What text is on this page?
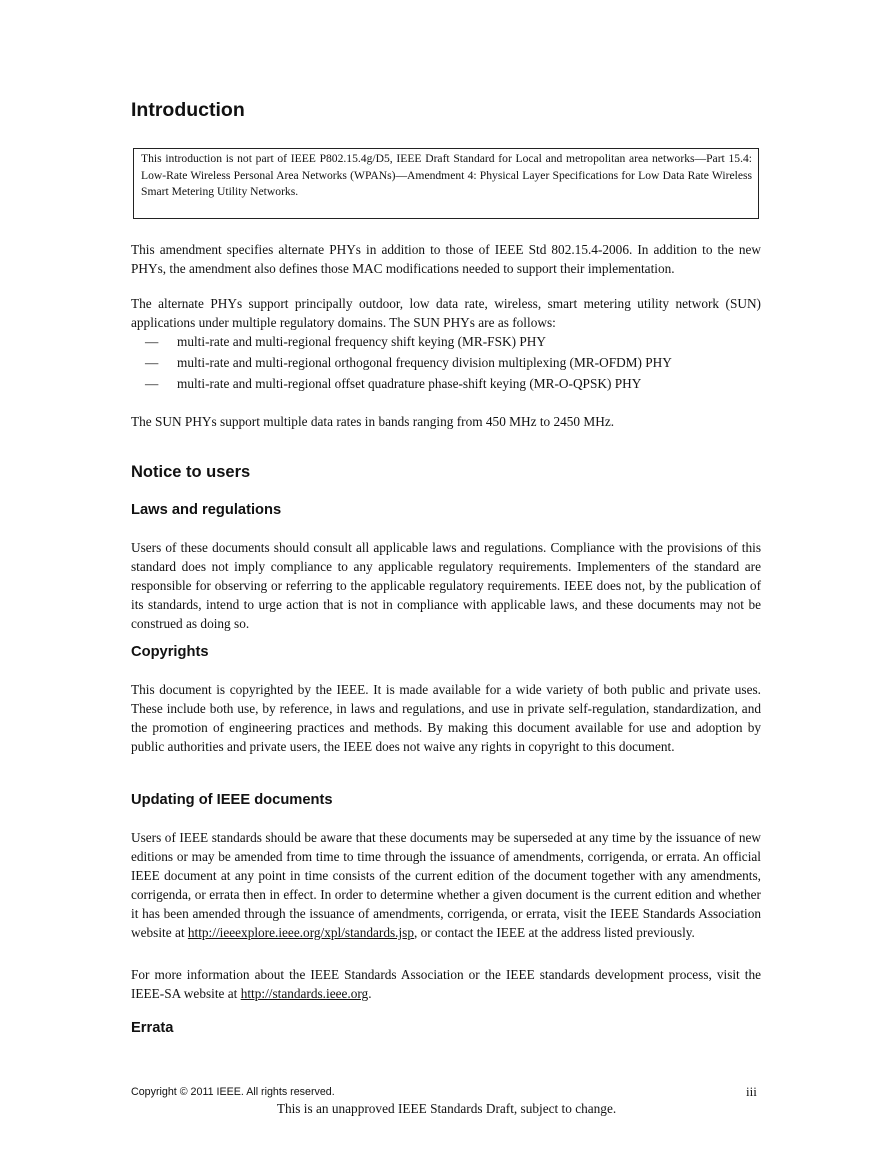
Introduction
This introduction is not part of IEEE P802.15.4g/D5, IEEE Draft Standard for Local and metropolitan area networks—Part 15.4: Low-Rate Wireless Personal Area Networks (WPANs)—Amendment 4: Physical Layer Specifications for Low Data Rate Wireless Smart Metering Utility Networks.

This amendment specifies alternate PHYs in addition to those of IEEE Std 802.15.4-2006. In addition to the new PHYs, the amendment also defines those MAC modifications needed to support their implementation.

The alternate PHYs support principally outdoor, low data rate, wireless, smart metering utility network (SUN) applications under multiple regulatory domains. The SUN PHYs are as follows:

— multi-rate and multi-regional frequency shift keying (MR-FSK) PHY
— multi-rate and multi-regional orthogonal frequency division multiplexing (MR-OFDM) PHY
— multi-rate and multi-regional offset quadrature phase-shift keying (MR-O-QPSK) PHY

The SUN PHYs support multiple data rates in bands ranging from 450 MHz to 2450 MHz.

Notice to users
Laws and regulations

Users of these documents should consult all applicable laws and regulations. Compliance with the provisions of this standard does not imply compliance to any applicable regulatory requirements. Implementers of the standard are responsible for observing or referring to the applicable regulatory requirements. IEEE does not, by the publication of its standards, intend to urge action that is not in compliance with applicable laws, and these documents may not be construed as doing so.

Copyrights

This document is copyrighted by the IEEE. It is made available for a wide variety of both public and private uses. These include both use, by reference, in laws and regulations, and use in private self-regulation, standardization, and the promotion of engineering practices and methods. By making this document available for use and adoption by public authorities and private users, the IEEE does not waive any rights in copyright to this document.

Updating of IEEE documents

Users of IEEE standards should be aware that these documents may be superseded at any time by the issuance of new editions or may be amended from time to time through the issuance of amendments, corrigenda, or errata. An official IEEE document at any point in time consists of the current edition of the document together with any amendments, corrigenda, or errata then in effect. In order to determine whether a given document is the current edition and whether it has been amended through the issuance of amendments, corrigenda, or errata, visit the IEEE Standards Association website at http://ieeexplore.ieee.org/xpl/standards.jsp, or contact the IEEE at the address listed previously.

For more information about the IEEE Standards Association or the IEEE standards development process, visit the IEEE-SA website at http://standards.ieee.org.

Errata

Copyright © 2011 IEEE. All rights reserved.	iii

This is an unapproved IEEE Standards Draft, subject to change.
